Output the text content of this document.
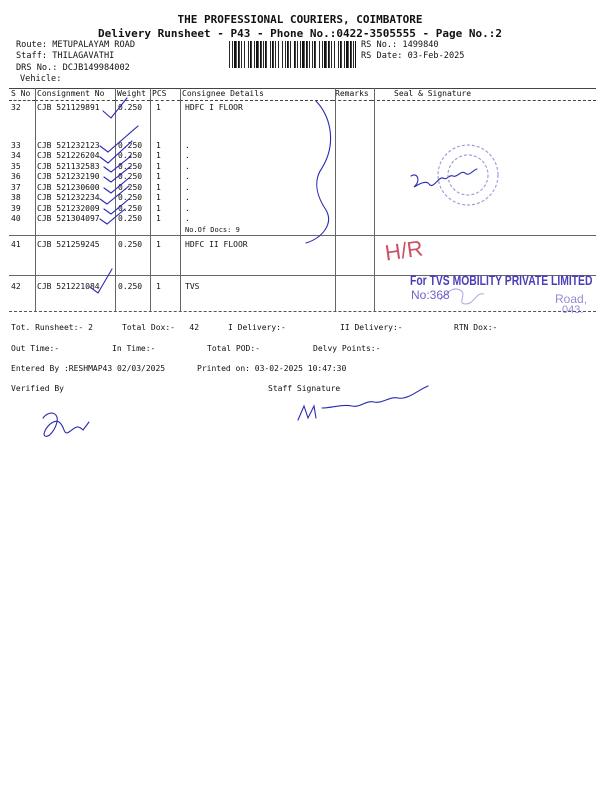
THE PROFESSIONAL COURIERS, COIMBATORE
Delivery Runsheet - P43 - Phone No.:0422-3505555 - Page No.:2
Route: METUPALAYAM ROAD
Staff: THILAGAVATHI
DRS No.: DCJB149984002
Vehicle:
RS No.: 1499840
RS Date: 03-Feb-2025
S No	Consignment No	Weight	PCS	Consignee Details	Remarks	Seal & Signature
32 CJB 521129891 0.250 1	HDFC I FLOOR
33 CJB 521232123 0.250 1	.
34 CJB 521226204 0.250 1	.
35 CJB 521132583 0.250 1	.
36 CJB 521232190 0.250 1	.
37 CJB 521230600 0.250 1	.
38 CJB 521232234 0.250 1	.
39 CJB 521232009 0.250 1	.
40 CJB 521304097 0.250 1	.
41 CJB 521259245 0.250 1	HDFC II FLOOR
42 CJB 521221084 0.250 1	TVS
No.Of Docs: 9
H/R
For TVS MOBILITY PRIVATE LIMITED
No:368	Road,
043.
Tot. Runsheet:- 2	Total Dox:-   42	I Delivery:-	II Delivery:-	RTN Dox:-
Out Time:-	In Time:-	Total POD:-	Delvy Points:-
Entered By :RESHMAP43 02/03/2025	Printed on: 03-02-2025 10:47:30
Verified By	Staff Signature
